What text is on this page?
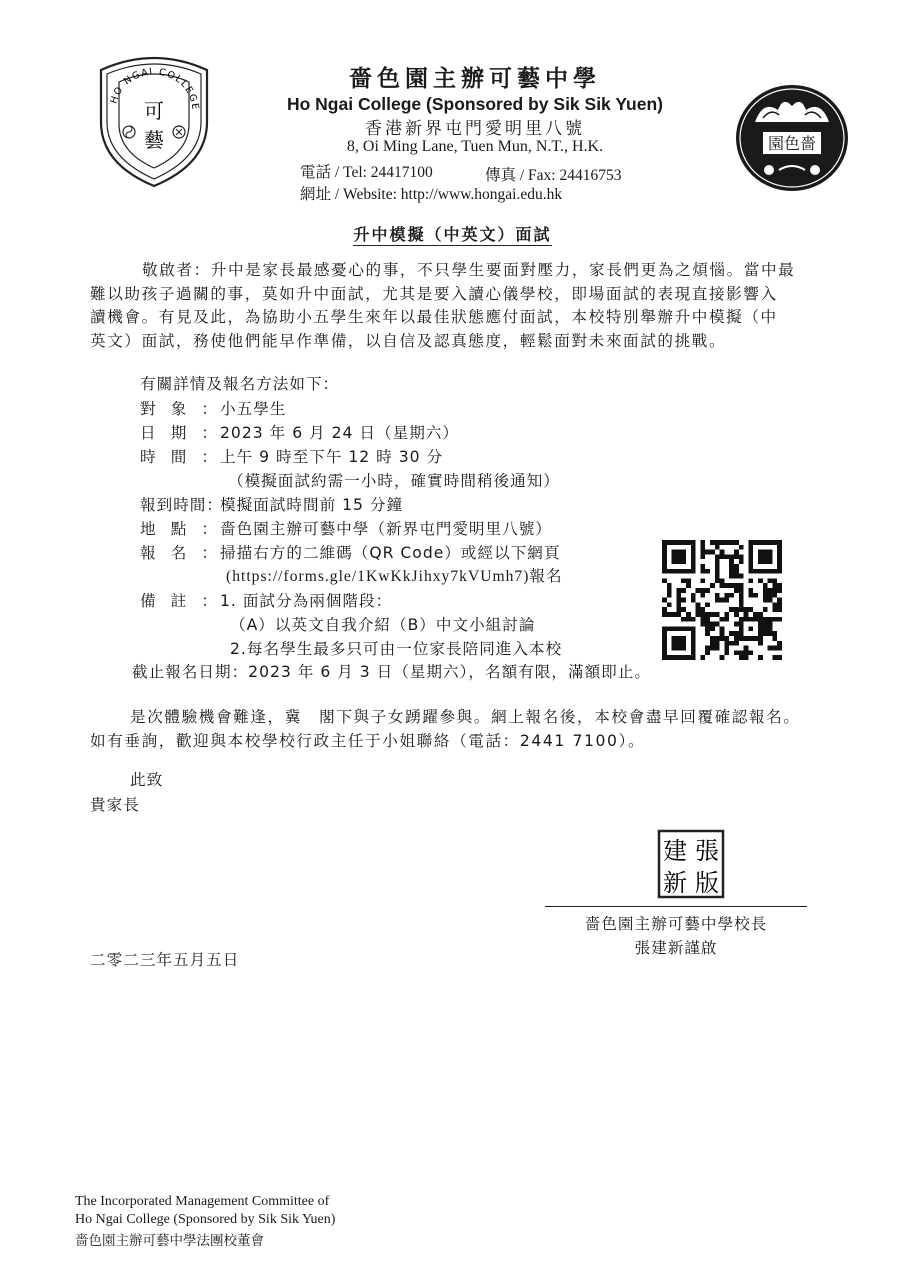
HO NGAI COLLEGE
可
藝
嗇色園主辦可藝中學
Ho Ngai College (Sponsored by Sik Sik Yuen)
香港新界屯門愛明里八號
8, Oi Ming Lane, Tuen Mun, N.T., H.K.
電話 / Tel: 24417100	傳真 / Fax: 24416753
網址 / Website: http://www.hongai.edu.hk
園色嗇
升中模擬（中英文）面試
敬啟者：升中是家長最感憂心的事，不只學生要面對壓力，家長們更為之煩惱。當中最
難以助孩子過關的事，莫如升中面試，尤其是要入讀心儀學校，即場面試的表現直接影響入
讀機會。有見及此，為協助小五學生來年以最佳狀態應付面試，本校特別舉辦升中模擬（中
英文）面試，務使他們能早作準備，以自信及認真態度，輕鬆面對未來面試的挑戰。
有關詳情及報名方法如下：
對象： 小五學生
日期： 2023 年 6 月 24 日（星期六）
時間： 上午 9 時至下午 12 時 30 分
（模擬面試約需一小時，確實時間稍後通知）
報到時間：模擬面試時間前 15 分鐘
地點： 嗇色園主辦可藝中學（新界屯門愛明里八號）
報名： 掃描右方的二維碼（QR Code）或經以下網頁
(https://forms.gle/1KwKkJihxy7kVUmh7)報名
備註： 1. 面試分為兩個階段：
（A）以英文自我介紹（B）中文小組討論
2.每名學生最多只可由一位家長陪同進入本校
截止報名日期：2023 年 6 月 3 日（星期六），名額有限，滿額即止。
是次體驗機會難逢，冀　閣下與子女踴躍參與。網上報名後，本校會盡早回覆確認報名。
如有垂詢，歡迎與本校學校行政主任于小姐聯絡（電話：2441 7100）。
此致
貴家長
建 張
新 版
嗇色園主辦可藝中學校長
張建新謹啟
二零二三年五月五日
The Incorporated Management Committee of
Ho Ngai College (Sponsored by Sik Sik Yuen)
嗇色園主辦可藝中學法團校董會
